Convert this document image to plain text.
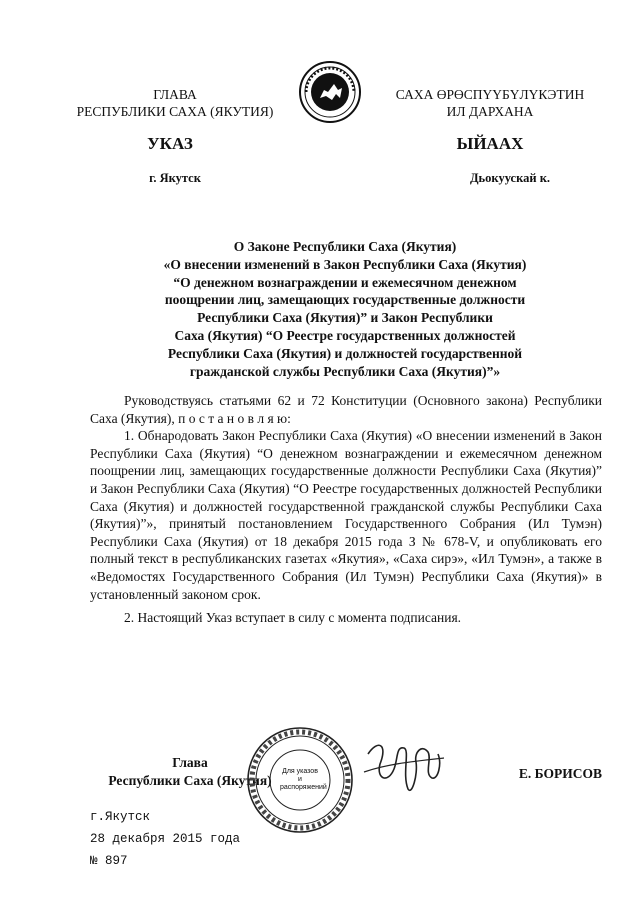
ГЛАВА
РЕСПУБЛИКИ САХА (ЯКУТИЯ)
САХА ӨРӨСПҮҮБҮЛҮКЭТИН
ИЛ ДАРХАНА
УКАЗ	ЫЙААХ
г. Якутск	Дьокуускай к.
О Законе Республики Саха (Якутия)
«О внесении изменений в Закон Республики Саха (Якутия)
“О денежном вознаграждении и ежемесячном денежном
поощрении лиц, замещающих государственные должности
Республики Саха (Якутия)” и Закон Республики
Саха (Якутия) “О Реестре государственных должностей
Республики Саха (Якутия) и должностей государственной
гражданской службы Республики Саха (Якутия)”»

Руководствуясь статьями 62 и 72 Конституции (Основного закона) Республики Саха (Якутия), п о с т а н о в л я ю:

1. Обнародовать Закон Республики Саха (Якутия) «О внесении изменений в Закон Республики Саха (Якутия) “О денежном вознаграждении и ежемесячном денежном поощрении лиц, замещающих государственные должности Республики Саха (Якутия)” и Закон Республики Саха (Якутия) “О Реестре государственных должностей Республики Саха (Якутия) и должностей государственной гражданской службы Республики Саха (Якутия)”», принятый постановлением Государственного Собрания (Ил Тумэн) Республики Саха (Якутия) от 18 декабря 2015 года З № 678-V, и опубликовать его полный текст в республиканских газетах «Якутия», «Саха сирэ», «Ил Тумэн», а также в «Ведомостях Государственного Собрания (Ил Тумэн) Республики Саха (Якутия)» в установленный законом срок.

2. Настоящий Указ вступает в силу с момента подписания.

Глава
Республики Саха (Якутия)
Для указов и распоряжений
Е. БОРИСОВ
г.Якутск
28 декабря 2015 года
№ 897
